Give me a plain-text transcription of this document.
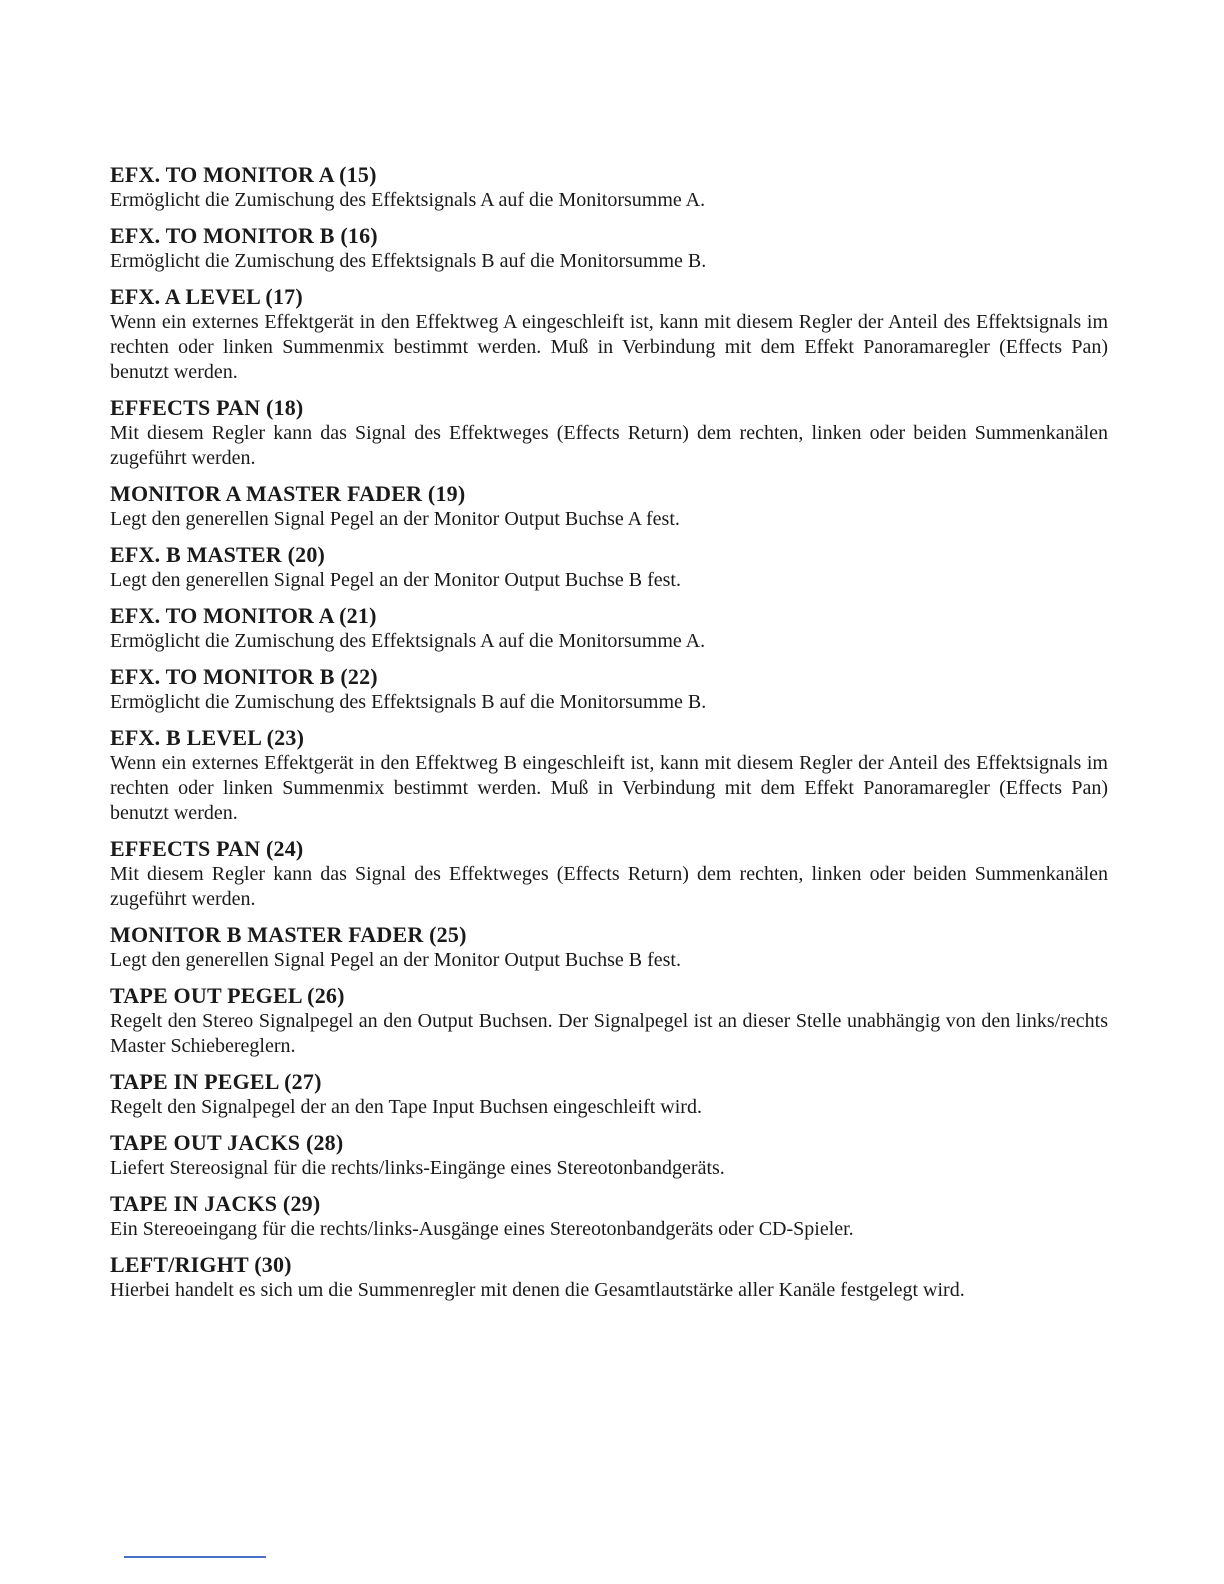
EFX. TO MONITOR A (15)

Ermöglicht die Zumischung des Effektsignals A auf die Monitorsumme A.

EFX. TO MONITOR B (16)

Ermöglicht die Zumischung des Effektsignals B auf die Monitorsumme B.

EFX. A LEVEL (17)

Wenn ein externes Effektgerät in den Effektweg A eingeschleift ist, kann mit diesem Regler der Anteil des Effektsignals im rechten oder linken Summenmix bestimmt werden. Muß in Verbindung mit dem Effekt Panoramaregler (Effects Pan) benutzt werden.

EFFECTS PAN (18)

Mit diesem Regler kann das Signal des Effektweges (Effects Return) dem rechten, linken oder beiden Summenkanälen zugeführt werden.

MONITOR A MASTER FADER (19)

Legt den generellen Signal Pegel an der Monitor Output Buchse A fest.

EFX. B MASTER (20)

Legt den generellen Signal Pegel an der Monitor Output Buchse B fest.

EFX. TO MONITOR A (21)

Ermöglicht die Zumischung des Effektsignals A auf die Monitorsumme A.

EFX. TO MONITOR B (22)

Ermöglicht die Zumischung des Effektsignals B auf die Monitorsumme B.

EFX. B LEVEL (23)

Wenn ein externes Effektgerät in den Effektweg B eingeschleift ist, kann mit diesem Regler der Anteil des Effektsignals im rechten oder linken Summenmix bestimmt werden. Muß in Verbindung mit dem Effekt Panoramaregler (Effects Pan) benutzt werden.

EFFECTS PAN (24)

Mit diesem Regler kann das Signal des Effektweges (Effects Return) dem rechten, linken oder beiden Summenkanälen zugeführt werden.

MONITOR B MASTER FADER (25)

Legt den generellen Signal Pegel an der Monitor Output Buchse B fest.

TAPE OUT PEGEL (26)

Regelt den Stereo Signalpegel an den Output Buchsen. Der Signalpegel ist an dieser Stelle unabhängig von den links/rechts Master Schiebereglern.

TAPE IN PEGEL (27)

Regelt den Signalpegel der an den Tape Input Buchsen eingeschleift wird.

TAPE OUT JACKS (28)

Liefert Stereosignal für die rechts/links-Eingänge eines Stereotonbandgeräts.

TAPE IN JACKS (29)

Ein Stereoeingang für die rechts/links-Ausgänge eines Stereotonbandgeräts oder CD-Spieler.

LEFT/RIGHT (30)

Hierbei handelt es sich um die Summenregler mit denen die Gesamtlautstärke aller Kanäle festgelegt wird.
